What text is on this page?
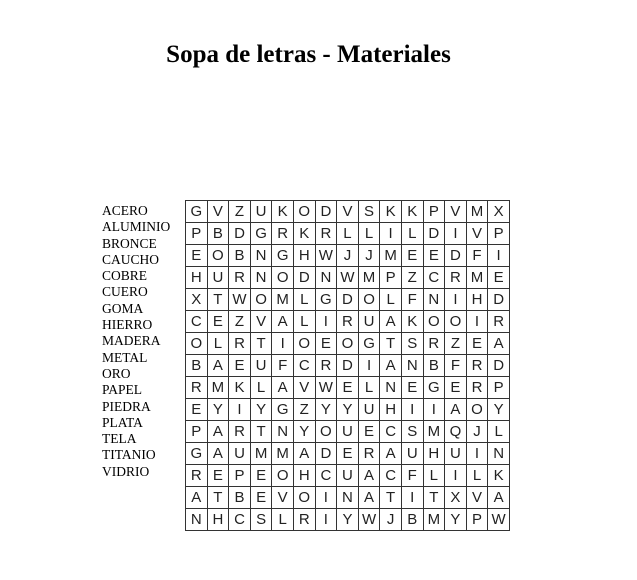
Sopa de letras - Materiales
ACERO
ALUMINIO
BRONCE
CAUCHO
COBRE
CUERO
GOMA
HIERRO
MADERA
METAL
ORO
PAPEL
PIEDRA
PLATA
TELA
TITANIO
VIDRIO
G	V	Z	U	K	O	D	V	S	K	K	P	V	M	X
P	B	D	G	R	K	R	L	L	I	L	D	I	V	P
E	O	B	N	G	H	W	J	J	M	E	E	D	F	I
H	U	R	N	O	D	N	W	M	P	Z	C	R	M	E
X	T	W	O	M	L	G	D	O	L	F	N	I	H	D
C	E	Z	V	A	L	I	R	U	A	K	O	O	I	R
O	L	R	T	I	O	E	O	G	T	S	R	Z	E	A
B	A	E	U	F	C	R	D	I	A	N	B	F	R	D
R	M	K	L	A	V	W	E	L	N	E	G	E	R	P
E	Y	I	Y	G	Z	Y	Y	U	H	I	I	A	O	Y
P	A	R	T	N	Y	O	U	E	C	S	M	Q	J	L
G	A	U	M	M	A	D	E	R	A	U	H	U	I	N
R	E	P	E	O	H	C	U	A	C	F	L	I	L	K
A	T	B	E	V	O	I	N	A	T	I	T	X	V	A
N	H	C	S	L	R	I	Y	W	J	B	M	Y	P	W
